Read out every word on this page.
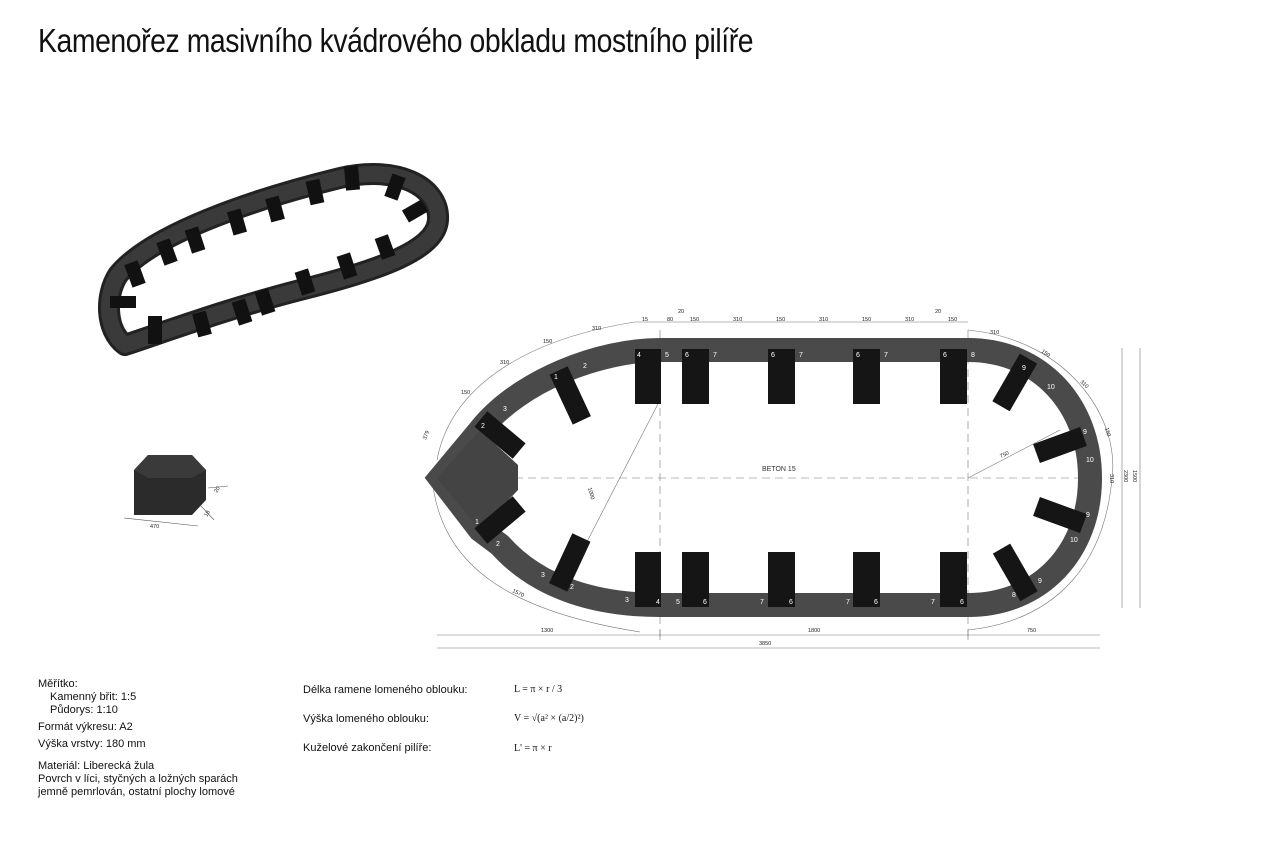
Kamenořez masivního kvádrového obkladu mostního pilíře
470
20
18
BETON 15
4	5 6	7	6	7	6	7	6	8
4 5	6	7	6	7	6	7	6
8
1
2
3
2
3
2
3
1
2	9
10
9
10
9
10
9
310
150
310
150
15	80	150	310	150	310	150	310	150
310
20	20
379
1570
1000
150
310
150
750
310 2300 1500
1300	1800	750
3850
Měřítko:
Kamenný břit: 1:5
Půdorys: 1:10
Formát výkresu: A2
Výška vrstvy: 180 mm
Materiál: Liberecká žula
Povrch v líci, styčných a ložných sparách
jemně pemrlován, ostatní plochy lomové
Délka ramene lomeného oblouku:	L = π × r / 3
Výška lomeného oblouku:	V = √(a² × (a/2)²)
Kuželové zakončení pilíře:	L' = π × r
